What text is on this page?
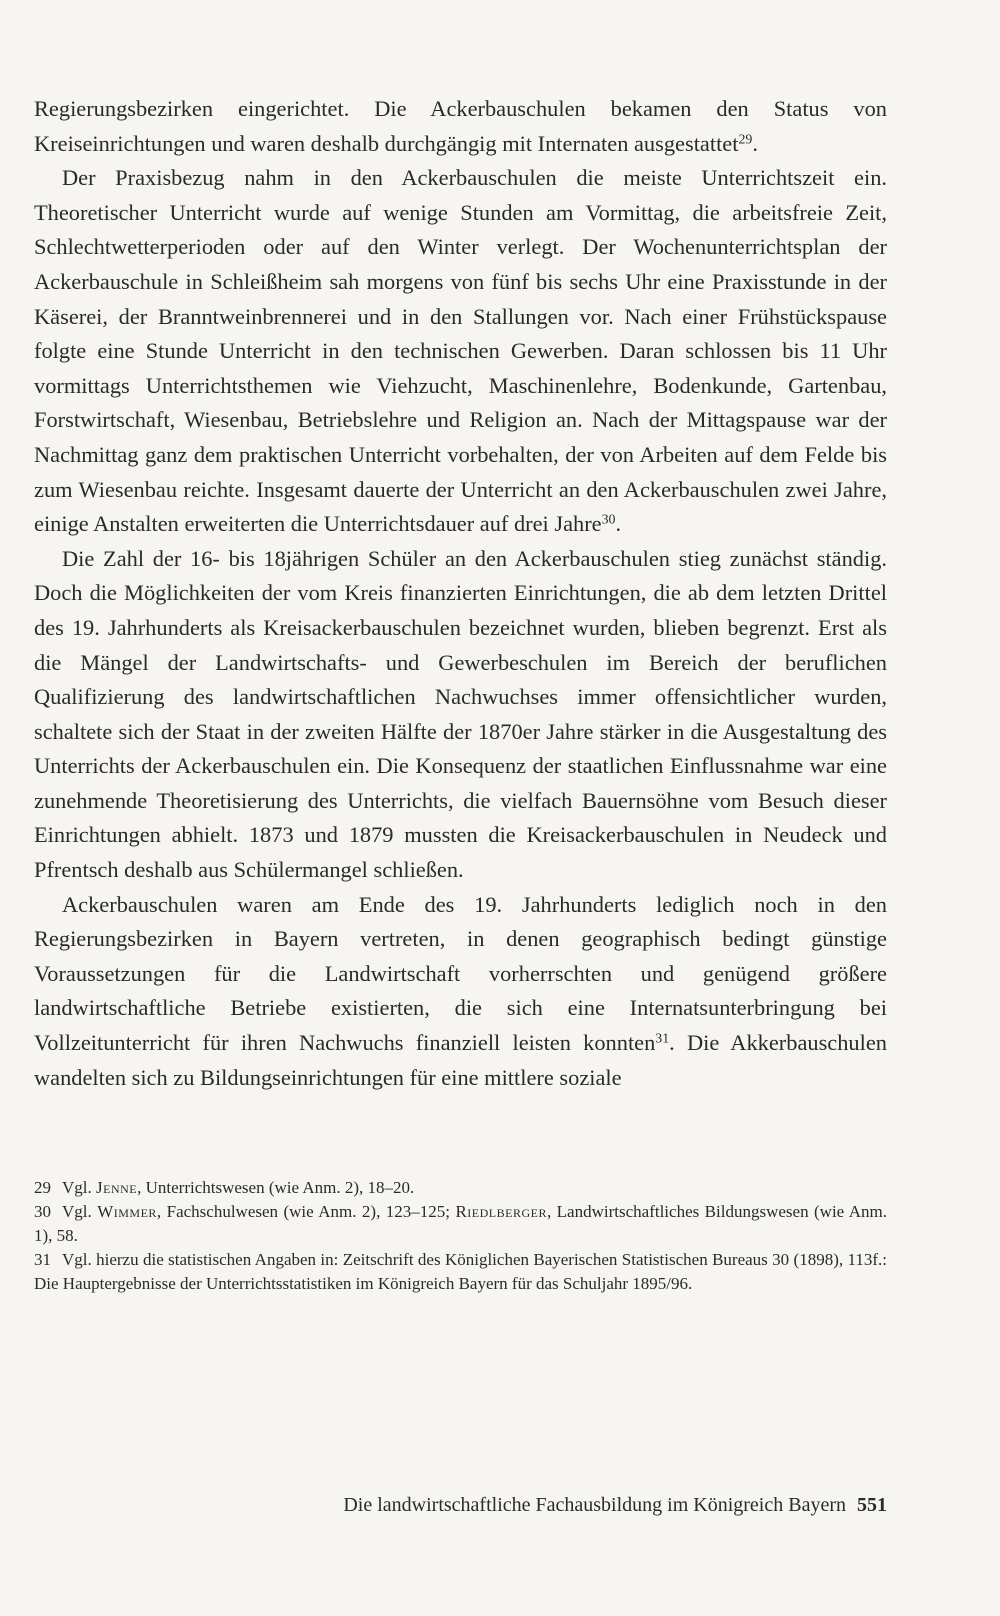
Regierungsbezirken eingerichtet. Die Ackerbauschulen bekamen den Status von Kreiseinrichtungen und waren deshalb durchgängig mit Internaten ausgestattet$^{29}$.

Der Praxisbezug nahm in den Ackerbauschulen die meiste Unterrichtszeit ein. Theoretischer Unterricht wurde auf wenige Stunden am Vormittag, die arbeitsfreie Zeit, Schlechtwetterperioden oder auf den Winter verlegt. Der Wochenunterrichtsplan der Ackerbauschule in Schleißheim sah morgens von fünf bis sechs Uhr eine Praxisstunde in der Käserei, der Branntweinbrennerei und in den Stallungen vor. Nach einer Frühstückspause folgte eine Stunde Unterricht in den technischen Gewerben. Daran schlossen bis 11 Uhr vormittags Unterrichtsthemen wie Viehzucht, Maschinenlehre, Bodenkunde, Gartenbau, Forstwirtschaft, Wiesenbau, Betriebslehre und Religion an. Nach der Mittagspause war der Nachmittag ganz dem praktischen Unterricht vorbehalten, der von Arbeiten auf dem Felde bis zum Wiesenbau reichte. Insgesamt dauerte der Unterricht an den Ackerbauschulen zwei Jahre, einige Anstalten erweiterten die Unterrichtsdauer auf drei Jahre$^{30}$.

Die Zahl der 16- bis 18jährigen Schüler an den Ackerbauschulen stieg zunächst ständig. Doch die Möglichkeiten der vom Kreis finanzierten Einrichtungen, die ab dem letzten Drittel des 19. Jahrhunderts als Kreisackerbauschulen bezeichnet wurden, blieben begrenzt. Erst als die Mängel der Landwirtschafts- und Gewerbeschulen im Bereich der beruflichen Qualifizierung des landwirtschaftlichen Nachwuchses immer offensichtlicher wurden, schaltete sich der Staat in der zweiten Hälfte der 1870er Jahre stärker in die Ausgestaltung des Unterrichts der Ackerbauschulen ein. Die Konsequenz der staatlichen Einflussnahme war eine zunehmende Theoretisierung des Unterrichts, die vielfach Bauernsöhne vom Besuch dieser Einrichtungen abhielt. 1873 und 1879 mussten die Kreisackerbauschulen in Neudeck und Pfrentsch deshalb aus Schülermangel schließen.

Ackerbauschulen waren am Ende des 19. Jahrhunderts lediglich noch in den Regierungsbezirken in Bayern vertreten, in denen geographisch bedingt günstige Voraussetzungen für die Landwirtschaft vorherrschten und genügend größere landwirtschaftliche Betriebe existierten, die sich eine Internatsunterbringung bei Vollzeitunterricht für ihren Nachwuchs finanziell leisten konnten$^{31}$. Die Akkerbauschulen wandelten sich zu Bildungseinrichtungen für eine mittlere soziale

29 Vgl. Jenne, Unterrichtswesen (wie Anm. 2), 18–20.

30 Vgl. Wimmer, Fachschulwesen (wie Anm. 2), 123–125; Riedlberger, Landwirtschaftliches Bildungswesen (wie Anm. 1), 58.

31 Vgl. hierzu die statistischen Angaben in: Zeitschrift des Königlichen Bayerischen Statistischen Bureaus 30 (1898), 113f.: Die Hauptergebnisse der Unterrichtsstatistiken im Königreich Bayern für das Schuljahr 1895/96.

Die landwirtschaftliche Fachausbildung im Königreich Bayern 551
